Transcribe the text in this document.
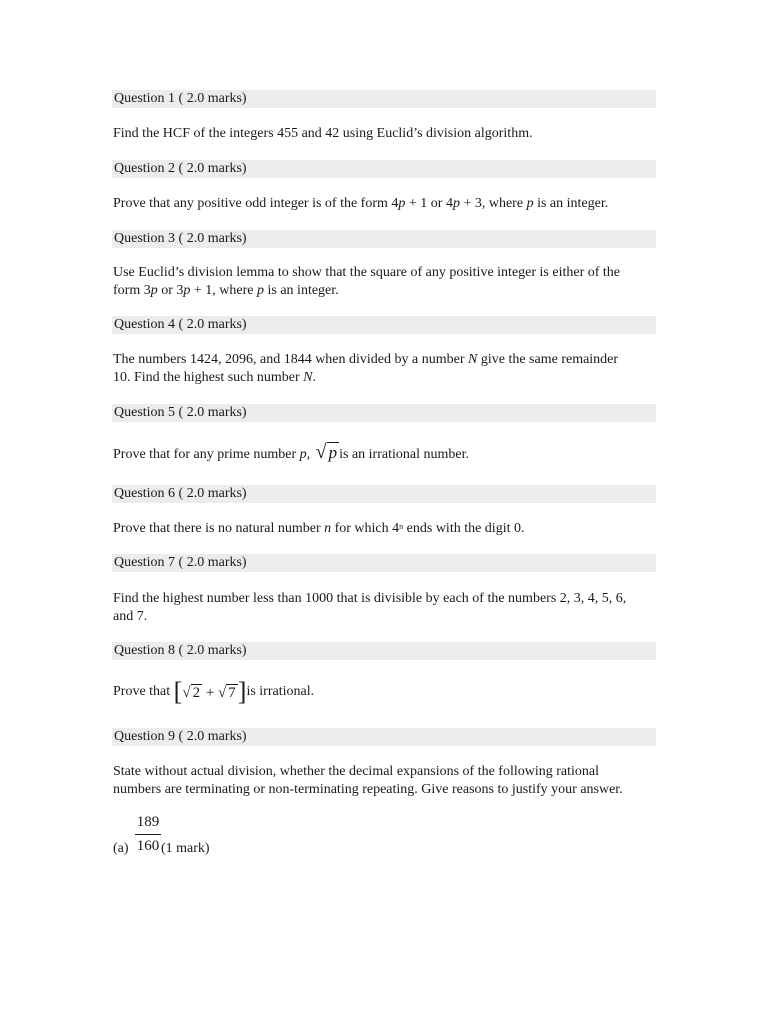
Question 1 ( 2.0 marks)
Find the HCF of the integers 455 and 42 using Euclid’s division algorithm.
Question 2 ( 2.0 marks)
Prove that any positive odd integer is of the form 4p + 1 or 4p + 3, where p is an integer.
Question 3 ( 2.0 marks)
Use Euclid’s division lemma to show that the square of any positive integer is either of the
form 3p or 3p + 1, where p is an integer.
Question 4 ( 2.0 marks)
The numbers 1424, 2096, and 1844 when divided by a number N give the same remainder
10. Find the highest such number N.
Question 5 ( 2.0 marks)
Prove that for any prime number p, √ p is an irrational number.
Question 6 ( 2.0 marks)
Prove that there is no natural number n for which 4$^n$ ends with the digit 0.
Question 7 ( 2.0 marks)
Find the highest number less than 1000 that is divisible by each of the numbers 2, 3, 4, 5, 6,
and 7.
Question 8 ( 2.0 marks)
Prove that [√ 2 + √ 7]is irrational.
Question 9 ( 2.0 marks)
State without actual division, whether the decimal expansions of the following rational
numbers are terminating or non-terminating repeating. Give reasons to justify your answer.
189
160
(a) (1 mark)
